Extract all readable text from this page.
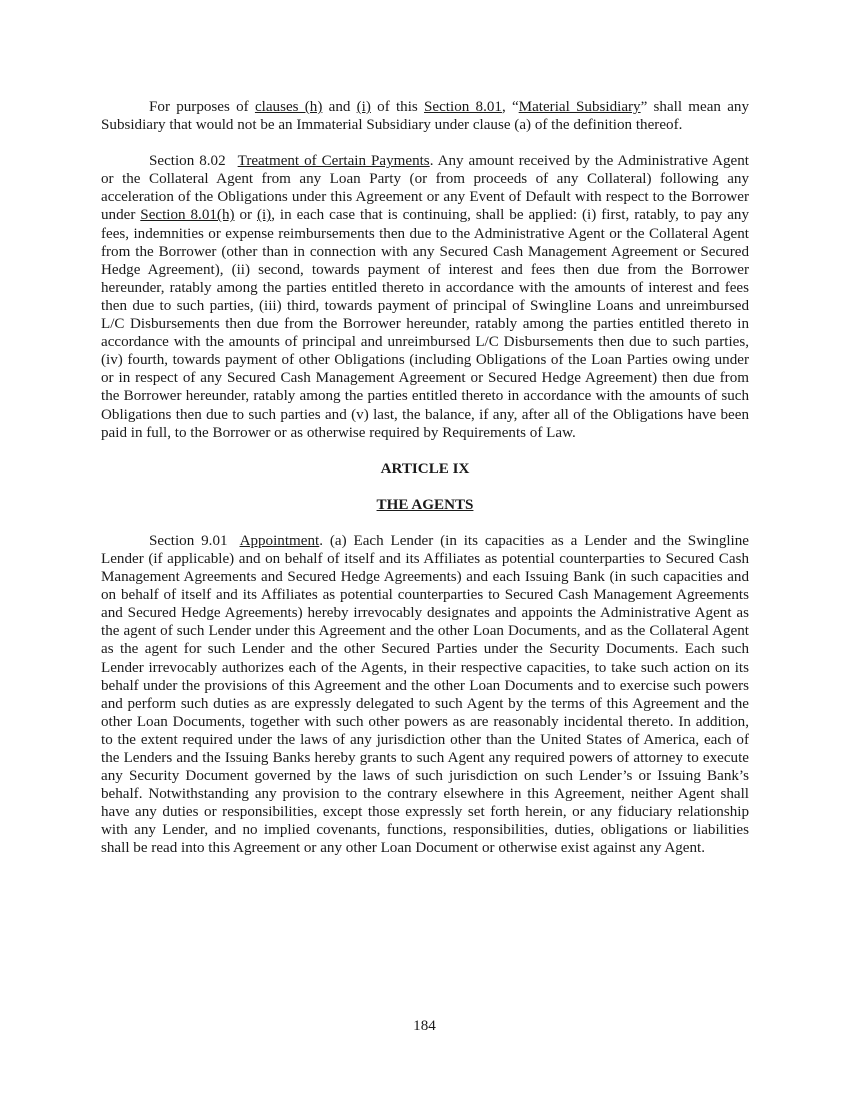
For purposes of clauses (h) and (i) of this Section 8.01, “Material Subsidiary” shall mean any Subsidiary that would not be an Immaterial Subsidiary under clause (a) of the definition thereof.

Section 8.02 Treatment of Certain Payments. Any amount received by the Administrative Agent or the Collateral Agent from any Loan Party (or from proceeds of any Collateral) following any acceleration of the Obligations under this Agreement or any Event of Default with respect to the Borrower under Section 8.01(h) or (i), in each case that is continuing, shall be applied: (i) first, ratably, to pay any fees, indemnities or expense reimbursements then due to the Administrative Agent or the Collateral Agent from the Borrower (other than in connection with any Secured Cash Management Agreement or Secured Hedge Agreement), (ii) second, towards payment of interest and fees then due from the Borrower hereunder, ratably among the parties entitled thereto in accordance with the amounts of interest and fees then due to such parties, (iii) third, towards payment of principal of Swingline Loans and unreimbursed L/C Disbursements then due from the Borrower hereunder, ratably among the parties entitled thereto in accordance with the amounts of principal and unreimbursed L/C Disbursements then due to such parties, (iv) fourth, towards payment of other Obligations (including Obligations of the Loan Parties owing under or in respect of any Secured Cash Management Agreement or Secured Hedge Agreement) then due from the Borrower hereunder, ratably among the parties entitled thereto in accordance with the amounts of such Obligations then due to such parties and (v) last, the balance, if any, after all of the Obligations have been paid in full, to the Borrower or as otherwise required by Requirements of Law.

ARTICLE IX

THE AGENTS

Section 9.01 Appointment. (a) Each Lender (in its capacities as a Lender and the Swingline Lender (if applicable) and on behalf of itself and its Affiliates as potential counterparties to Secured Cash Management Agreements and Secured Hedge Agreements) and each Issuing Bank (in such capacities and on behalf of itself and its Affiliates as potential counterparties to Secured Cash Management Agreements and Secured Hedge Agreements) hereby irrevocably designates and appoints the Administrative Agent as the agent of such Lender under this Agreement and the other Loan Documents, and as the Collateral Agent as the agent for such Lender and the other Secured Parties under the Security Documents. Each such Lender irrevocably authorizes each of the Agents, in their respective capacities, to take such action on its behalf under the provisions of this Agreement and the other Loan Documents and to exercise such powers and perform such duties as are expressly delegated to such Agent by the terms of this Agreement and the other Loan Documents, together with such other powers as are reasonably incidental thereto. In addition, to the extent required under the laws of any jurisdiction other than the United States of America, each of the Lenders and the Issuing Banks hereby grants to such Agent any required powers of attorney to execute any Security Document governed by the laws of such jurisdiction on such Lender’s or Issuing Bank’s behalf. Notwithstanding any provision to the contrary elsewhere in this Agreement, neither Agent shall have any duties or responsibilities, except those expressly set forth herein, or any fiduciary relationship with any Lender, and no implied covenants, functions, responsibilities, duties, obligations or liabilities shall be read into this Agreement or any other Loan Document or otherwise exist against any Agent.

184
